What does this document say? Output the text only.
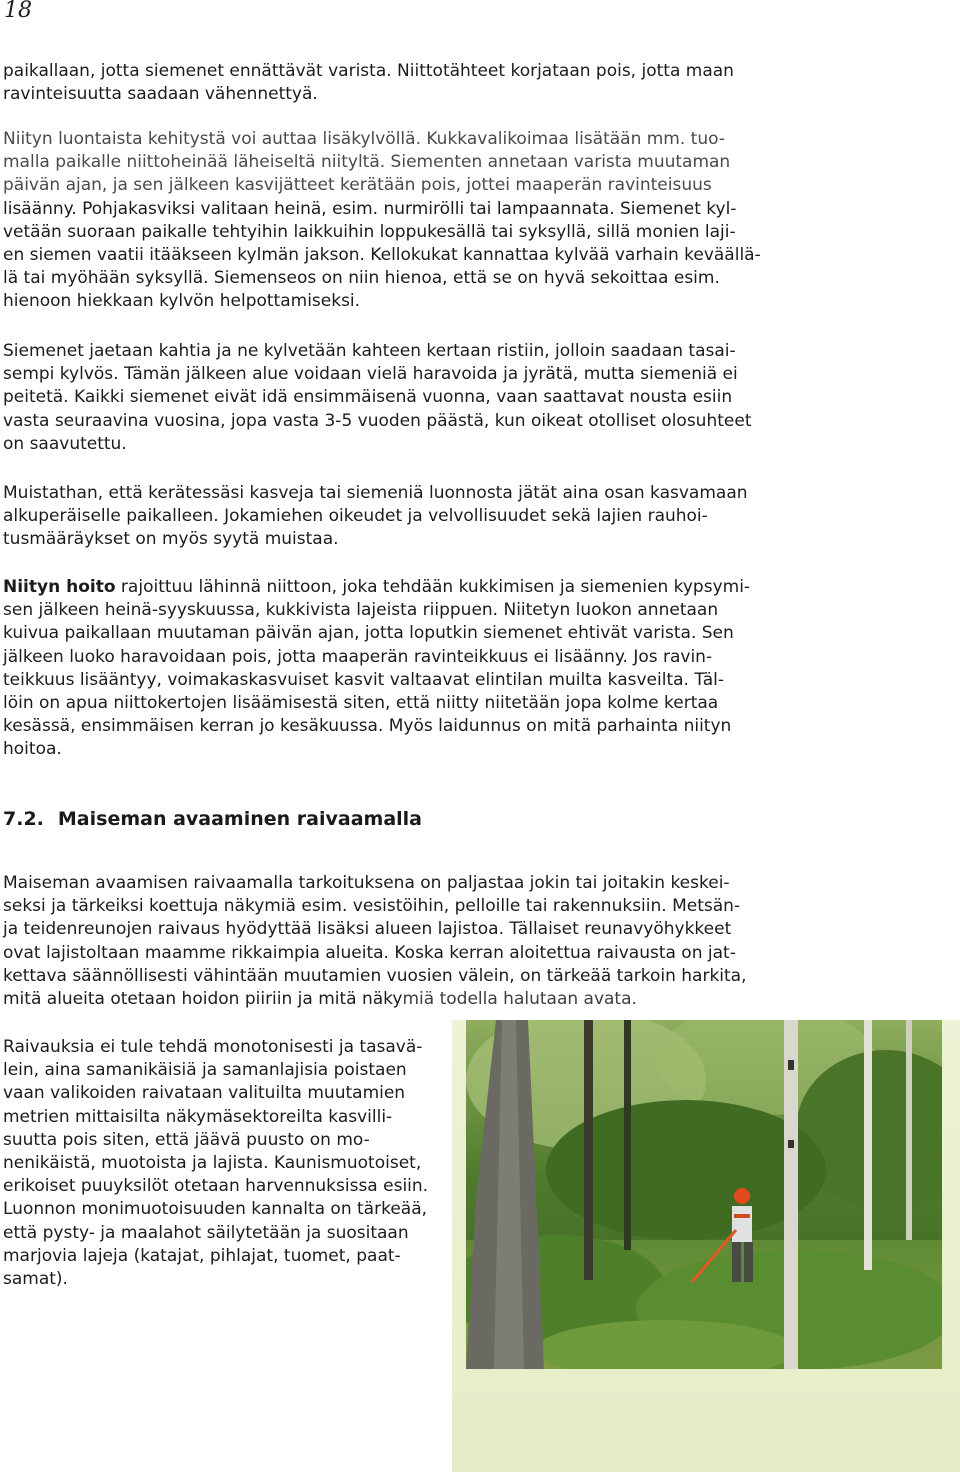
18

paikallaan, jotta siemenet ennättävät varista. Niittotähteet korjataan pois, jotta maan
ravinteisuutta saadaan vähennettyä.

Niityn luontaista kehitystä voi auttaa lisäkylvöllä. Kukkavalikoimaa lisätään mm. tuo-
malla paikalle niittoheinää läheiseltä niityltä. Siementen annetaan varista muutaman
päivän ajan, ja sen jälkeen kasvijätteet kerätään pois, jottei maaperän ravinteisuus
lisäänny. Pohjakasviksi valitaan heinä, esim. nurmirölli tai lampaannata. Siemenet kyl-
vetään suoraan paikalle tehtyihin laikkuihin loppukesällä tai syksyllä, sillä monien laji-
en siemen vaatii itääkseen kylmän jakson. Kellokukat kannattaa kylvää varhain keväällä-
lä tai myöhään syksyllä. Siemenseos on niin hienoa, että se on hyvä sekoittaa esim.
hienoon hiekkaan kylvön helpottamiseksi.

Siemenet jaetaan kahtia ja ne kylvetään kahteen kertaan ristiin, jolloin saadaan tasai-
sempi kylvös. Tämän jälkeen alue voidaan vielä haravoida ja jyrätä, mutta siemeniä ei
peitetä. Kaikki siemenet eivät idä ensimmäisenä vuonna, vaan saattavat nousta esiin
vasta seuraavina vuosina, jopa vasta 3-5 vuoden päästä, kun oikeat otolliset olosuhteet
on saavutettu.

Muistathan, että kerätessäsi kasveja tai siemeniä luonnosta jätät aina osan kasvamaan
alkuperäiselle paikalleen. Jokamiehen oikeudet ja velvollisuudet sekä lajien rauhoi-
tusmääräykset on myös syytä muistaa.

Niityn hoito rajoittuu lähinnä niittoon, joka tehdään kukkimisen ja siemenien kypsymi-
sen jälkeen heinä-syyskuussa, kukkivista lajeista riippuen. Niitetyn luokon annetaan
kuivua paikallaan muutaman päivän ajan, jotta loputkin siemenet ehtivät varista. Sen
jälkeen luoko haravoidaan pois, jotta maaperän ravinteikkuus ei lisäänny. Jos ravin-
teikkuus lisääntyy, voimakaskasvuiset kasvit valtaavat elintilan muilta kasveilta. Täl-
löin on apua niittokertojen lisäämisestä siten, että niitty niitetään jopa kolme kertaa
kesässä, ensimmäisen kerran jo kesäkuussa. Myös laidunnus on mitä parhainta niityn
hoitoa.

7.2. Maiseman avaaminen raivaamalla

Maiseman avaamisen raivaamalla tarkoituksena on paljastaa jokin tai joitakin keskei-
seksi ja tärkeiksi koettuja näkymiä esim. vesistöihin, pelloille tai rakennuksiin. Metsän-
ja teidenreunojen raivaus hyödyttää lisäksi alueen lajistoa. Tällaiset reunavyöhykkeet
ovat lajistoltaan maamme rikkaimpia alueita. Koska kerran aloitettua raivausta on jat-
kettava säännöllisesti vähintään muutamien vuosien välein, on tärkeää tarkoin harkita,
mitä alueita otetaan hoidon piiriin ja mitä näkymiä todella halutaan avata.

Raivauksia ei tule tehdä monotonisesti ja tasavä-
lein, aina samanikäisiä ja samanlajisia poistaen
vaan valikoiden raivataan valituilta muutamien
metrien mittaisilta näkymäsektoreilta kasvilli-
suutta pois siten, että jäävä puusto on mo-
nenikäistä, muotoista ja lajista. Kaunismuotoiset,
erikoiset puuyksilöt otetaan harvennuksissa esiin.
Luonnon monimuotoisuuden kannalta on tärkeää,
että pysty- ja maalahot säilytetään ja suositaan
marjovia lajeja (katajat, pihlajat, tuomet, paat-
samat).
